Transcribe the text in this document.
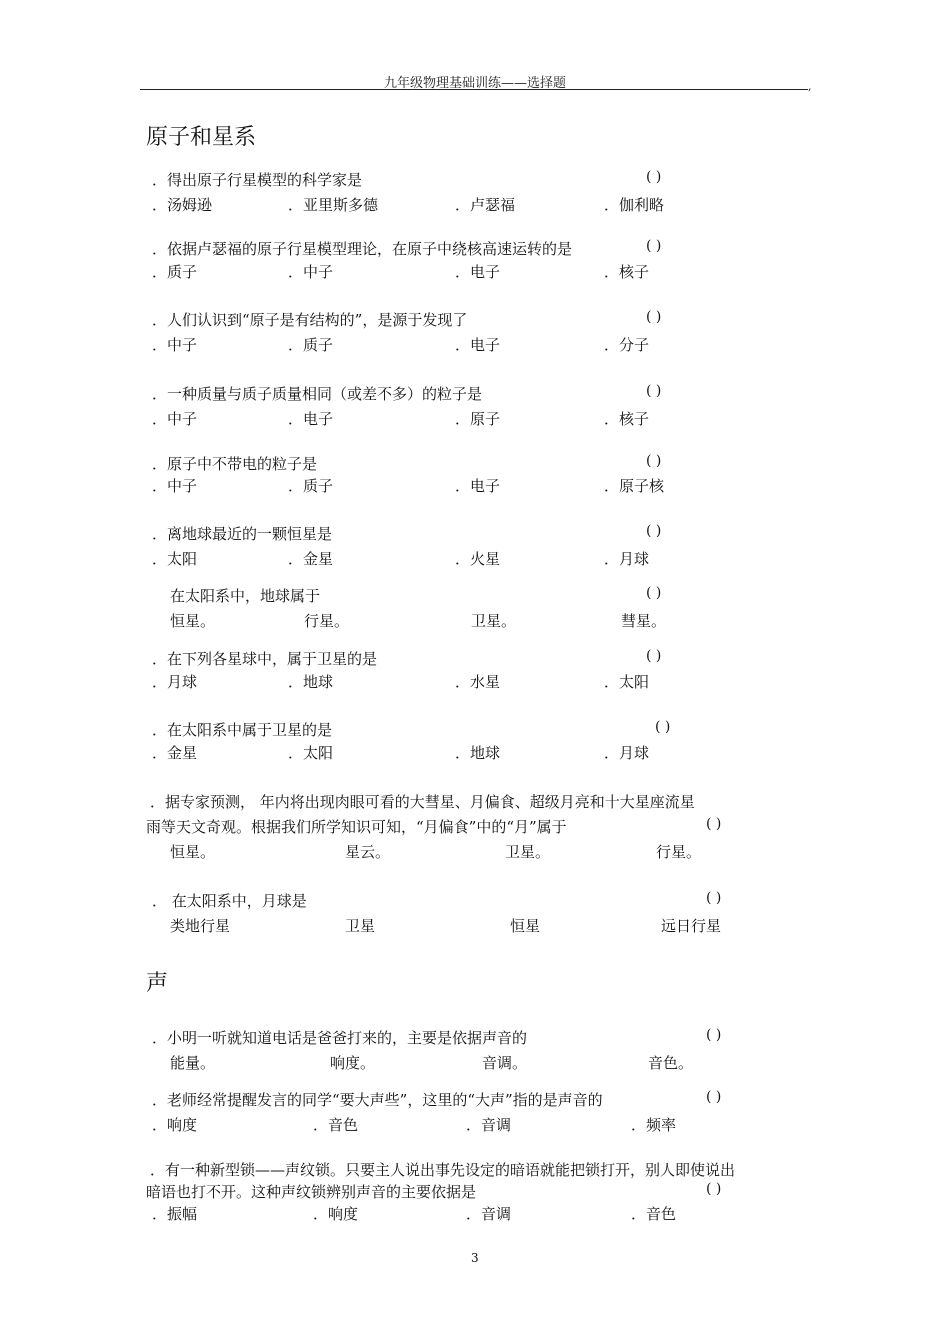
九年级物理基础训练——选择题	,
原子和星系
．得出原子行星模型的科学家是	( )
．汤姆逊	．亚里斯多德	．卢瑟福	．伽利略
．依据卢瑟福的原子行星模型理论，在原子中绕核高速运转的是	( )
．质子	．中子	．电子	．核子
．人们认识到“原子是有结构的”，是源于发现了	( )
．中子	．质子	．电子	．分子
．一种质量与质子质量相同（或差不多）的粒子是	( )
．中子	．电子	．原子	．核子
．原子中不带电的粒子是	( )
．中子	．质子	．电子	．原子核
．离地球最近的一颗恒星是	( )
．太阳	．金星	．火星	．月球
在太阳系中，地球属于	( )
恒星。	行星。	卫星。	彗星。
．在下列各星球中，属于卫星的是	( )
．月球	．地球	．水星	．太阳
．在太阳系中属于卫星的是	( )
．金星	．太阳	．地球	．月球
．据专家预测， 年内将出现肉眼可看的大彗星、月偏食、超级月亮和十大星座流星
雨等天文奇观。根据我们所学知识可知，“月偏食”中的“月”属于	( )
恒星。	星云。	卫星。	行星。
． 在太阳系中，月球是	( )
类地行星	卫星	恒星	远日行星
声
．小明一听就知道电话是爸爸打来的，主要是依据声音的	( )
能量。	响度。	音调。	音色。
．老师经常提醒发言的同学“要大声些”，这里的“大声”指的是声音的	( )
．响度	．音色	．音调	．频率
．有一种新型锁——声纹锁。只要主人说出事先设定的暗语就能把锁打开，别人即使说出
暗语也打不开。这种声纹锁辨别声音的主要依据是	( )
．振幅	．响度	．音调	．音色
3
